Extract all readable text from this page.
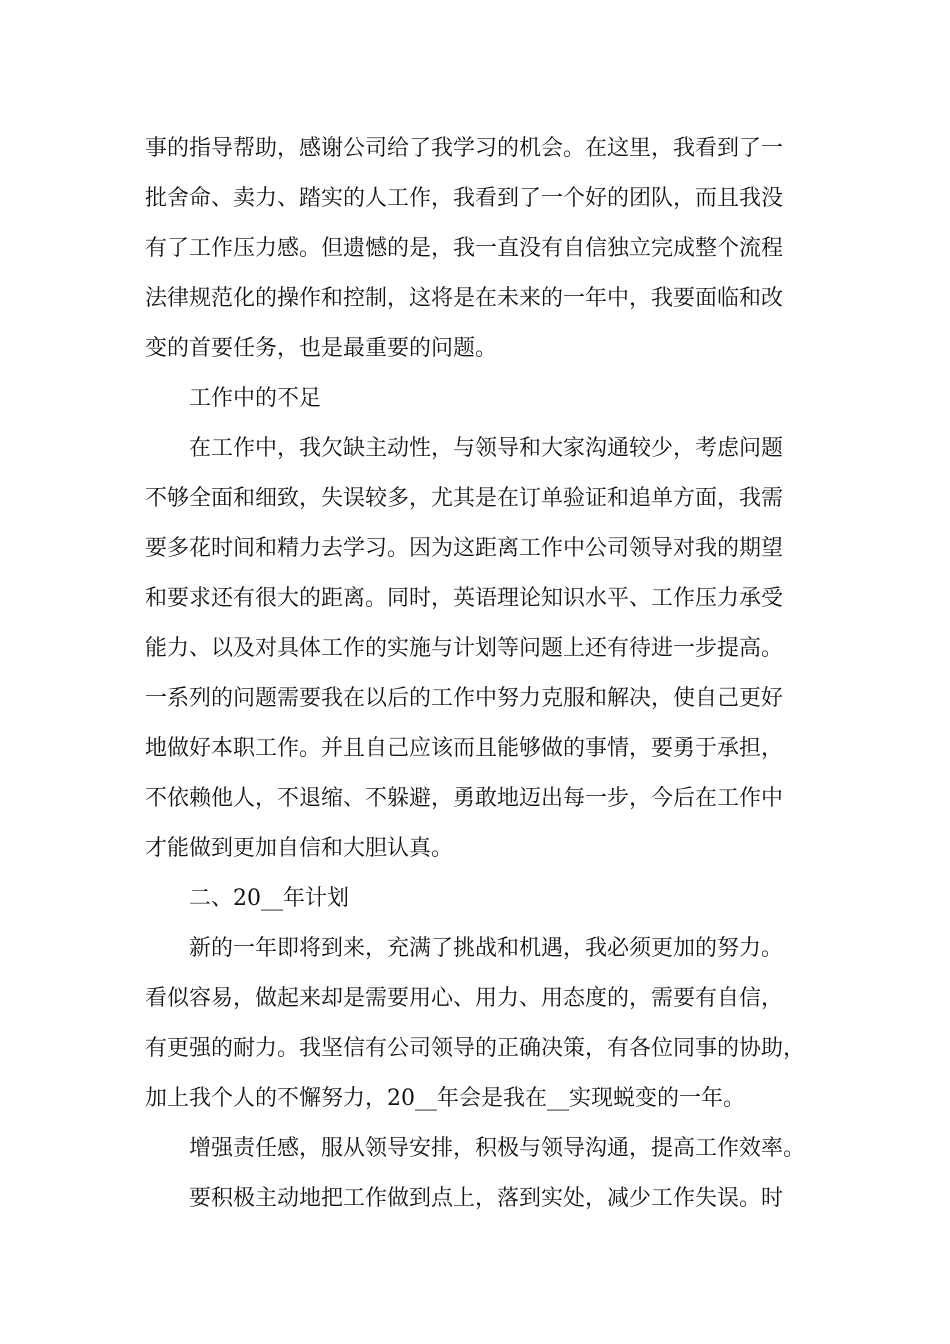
事的指导帮助，感谢公司给了我学习的机会。在这里，我看到了一
批舍命、卖力、踏实的人工作，我看到了一个好的团队，而且我没
有了工作压力感。但遗憾的是，我一直没有自信独立完成整个流程
法律规范化的操作和控制，这将是在未来的一年中，我要面临和改
变的首要任务，也是最重要的问题。
工作中的不足
在工作中，我欠缺主动性，与领导和大家沟通较少，考虑问题
不够全面和细致，失误较多，尤其是在订单验证和追单方面，我需
要多花时间和精力去学习。因为这距离工作中公司领导对我的期望
和要求还有很大的距离。同时，英语理论知识水平、工作压力承受
能力、以及对具体工作的实施与计划等问题上还有待进一步提高。
一系列的问题需要我在以后的工作中努力克服和解决，使自己更好
地做好本职工作。并且自己应该而且能够做的事情，要勇于承担，
不依赖他人，不退缩、不躲避，勇敢地迈出每一步，今后在工作中
才能做到更加自信和大胆认真。
二、20__年计划
新的一年即将到来，充满了挑战和机遇，我必须更加的努力。
看似容易，做起来却是需要用心、用力、用态度的，需要有自信，
有更强的耐力。我坚信有公司领导的正确决策，有各位同事的协助，
加上我个人的不懈努力，20__年会是我在__实现蜕变的一年。
增强责任感，服从领导安排，积极与领导沟通，提高工作效率。
要积极主动地把工作做到点上，落到实处，减少工作失误。时
